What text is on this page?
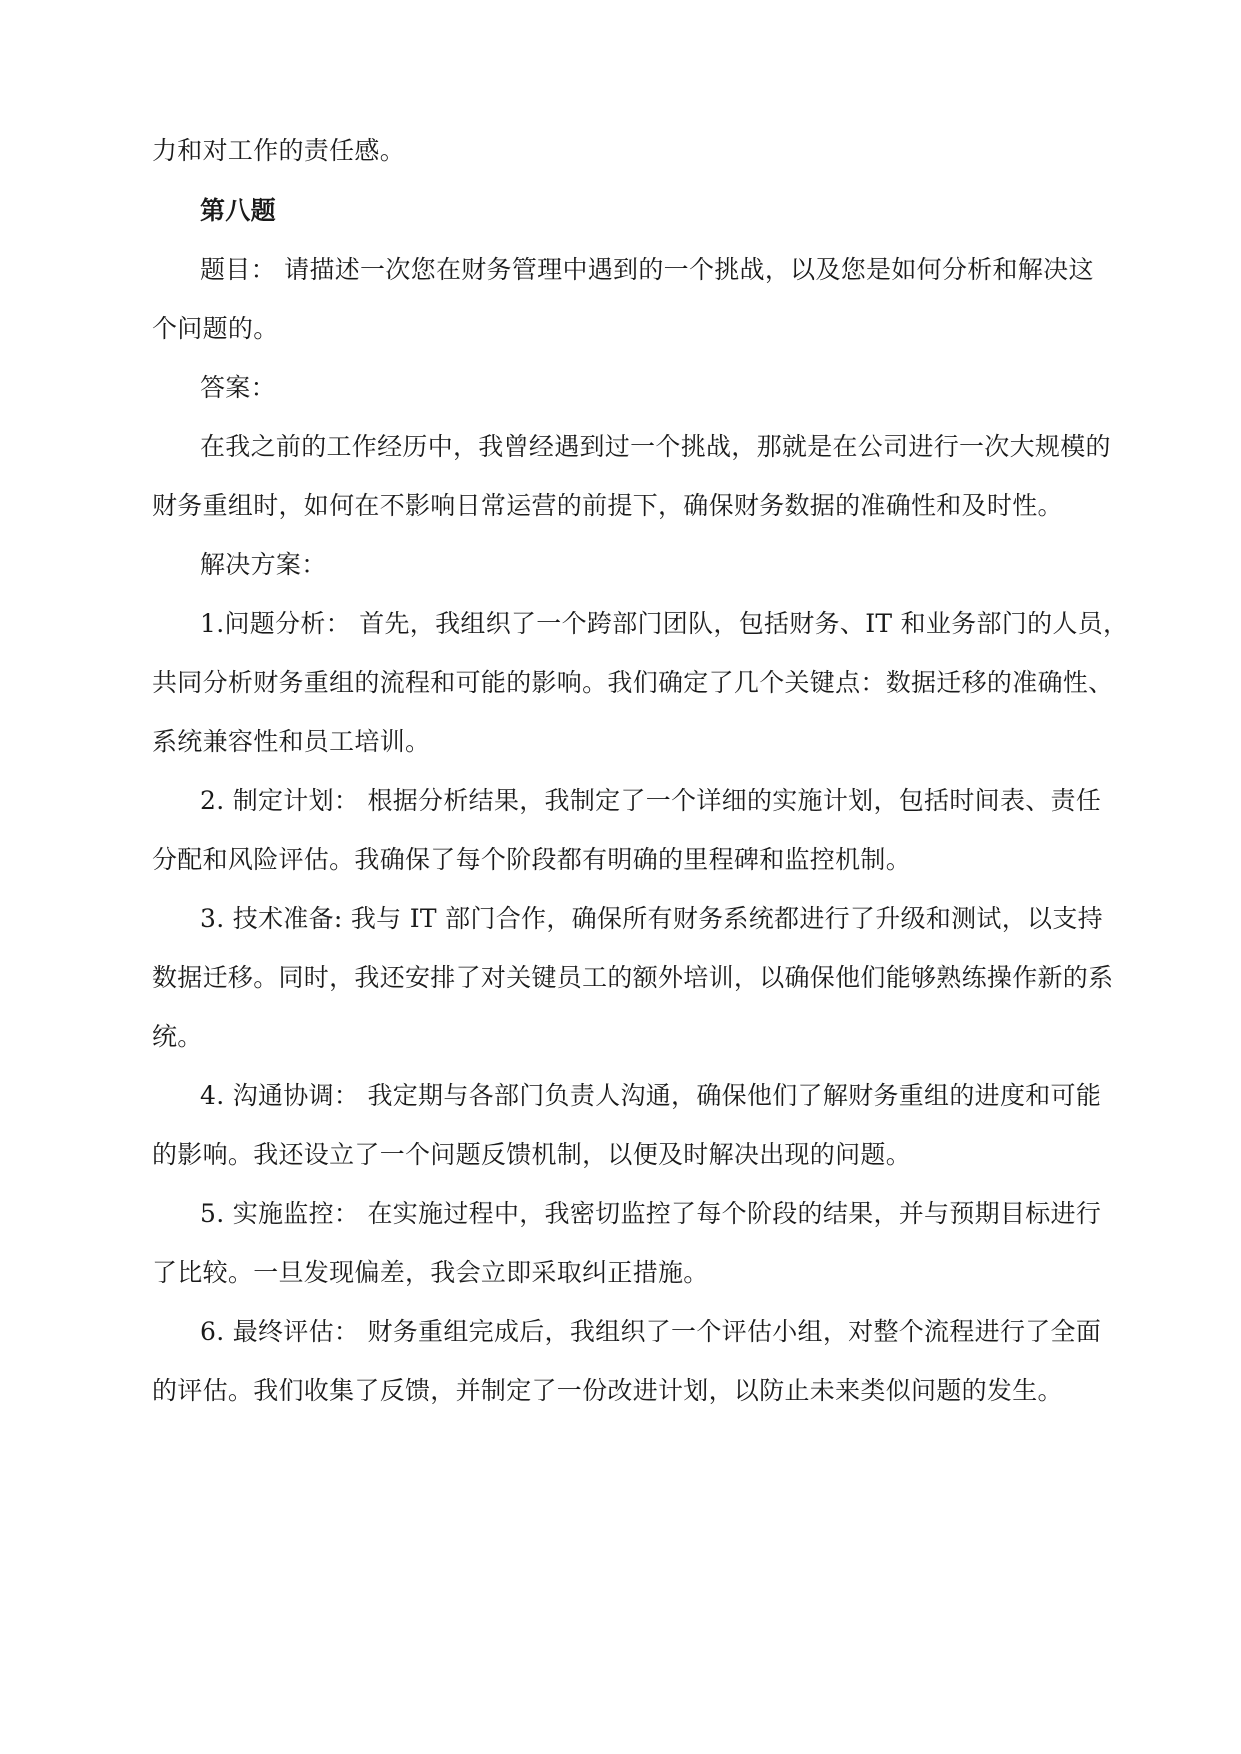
力和对工作的责任感。
第八题
题目： 请描述一次您在财务管理中遇到的一个挑战，以及您是如何分析和解决这
个问题的。
答案：
在我之前的工作经历中，我曾经遇到过一个挑战，那就是在公司进行一次大规模的
财务重组时，如何在不影响日常运营的前提下，确保财务数据的准确性和及时性。
解决方案：
1.问题分析： 首先，我组织了一个跨部门团队，包括财务、IT 和业务部门的人员，
共同分析财务重组的流程和可能的影响。我们确定了几个关键点：数据迁移的准确性、
系统兼容性和员工培训。
2. 制定计划： 根据分析结果，我制定了一个详细的实施计划，包括时间表、责任
分配和风险评估。我确保了每个阶段都有明确的里程碑和监控机制。
3. 技术准备: 我与 IT 部门合作，确保所有财务系统都进行了升级和测试，以支持
数据迁移。同时，我还安排了对关键员工的额外培训，以确保他们能够熟练操作新的系
统。
4. 沟通协调： 我定期与各部门负责人沟通，确保他们了解财务重组的进度和可能
的影响。我还设立了一个问题反馈机制，以便及时解决出现的问题。
5. 实施监控： 在实施过程中，我密切监控了每个阶段的结果，并与预期目标进行
了比较。一旦发现偏差，我会立即采取纠正措施。
6. 最终评估： 财务重组完成后，我组织了一个评估小组，对整个流程进行了全面
的评估。我们收集了反馈，并制定了一份改进计划，以防止未来类似问题的发生。
